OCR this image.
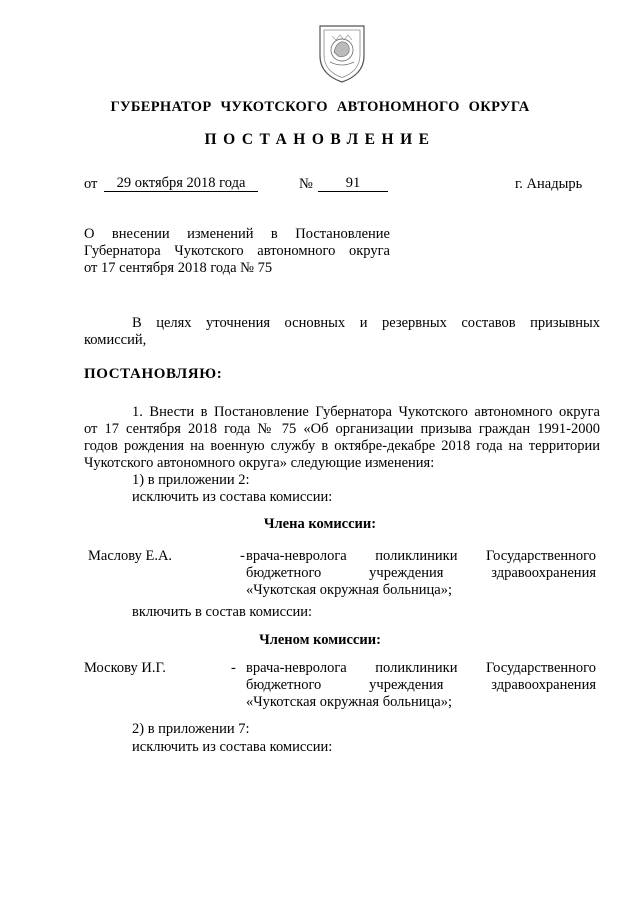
ГУБЕРНАТОР ЧУКОТСКОГО АВТОНОМНОГО ОКРУГА
ПОСТАНОВЛЕНИЕ
от	29 октября 2018 года	№	91	г. Анадырь
О внесении изменений в Постановление
Губернатора Чукотского автономного округа
от 17 сентября 2018 года № 75
В целях уточнения основных и резервных составов призывных
комиссий,
ПОСТАНОВЛЯЮ:
1. Внести в Постановление Губернатора Чукотского автономного округа
от 17 сентября 2018 года № 75 «Об организации призыва граждан 1991-2000
годов рождения на военную службу в октябре-декабре 2018 года на территории
Чукотского автономного округа» следующие изменения:
1) в приложении 2:
исключить из состава комиссии:
Члена комиссии:
Маслову Е.А.	- врача-невролога поликлиники Государственного
бюджетного учреждения здравоохранения
«Чукотская окружная больница»;
включить в состав комиссии:
Членом комиссии:
Москову И.Г.	- врача-невролога поликлиники Государственного
бюджетного учреждения здравоохранения
«Чукотская окружная больница»;
2) в приложении 7:
исключить из состава комиссии:
